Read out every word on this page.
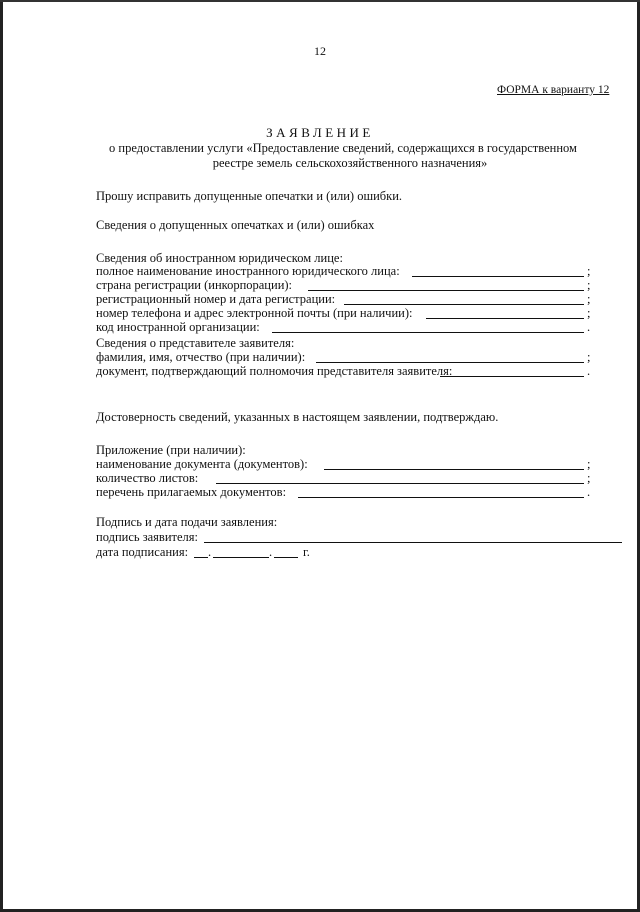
12
ФОРМА к варианту 12
ЗАЯВЛЕНИЕ
о предоставлении услуги «Предоставление сведений, содержащихся в государственном
реестре земель сельскохозяйственного назначения»
Прошу исправить допущенные опечатки и (или) ошибки.
Сведения о допущенных опечатках и (или) ошибках
Сведения об иностранном юридическом лице:
полное наименование иностранного юридического лица:	;
страна регистрации (инкорпорации):	;
регистрационный номер и дата регистрации:	;
номер телефона и адрес электронной почты (при наличии):	;
код иностранной организации:	.
Сведения о представителе заявителя:
фамилия, имя, отчество (при наличии):	;
документ, подтверждающий полномочия представителя заявителя:	.
Достоверность сведений, указанных в настоящем заявлении, подтверждаю.
Приложение (при наличии):
наименование документа (документов):	;
количество листов:	;
перечень прилагаемых документов:	.
Подпись и дата подачи заявления:
подпись заявителя:
дата подписания: .	. г.
